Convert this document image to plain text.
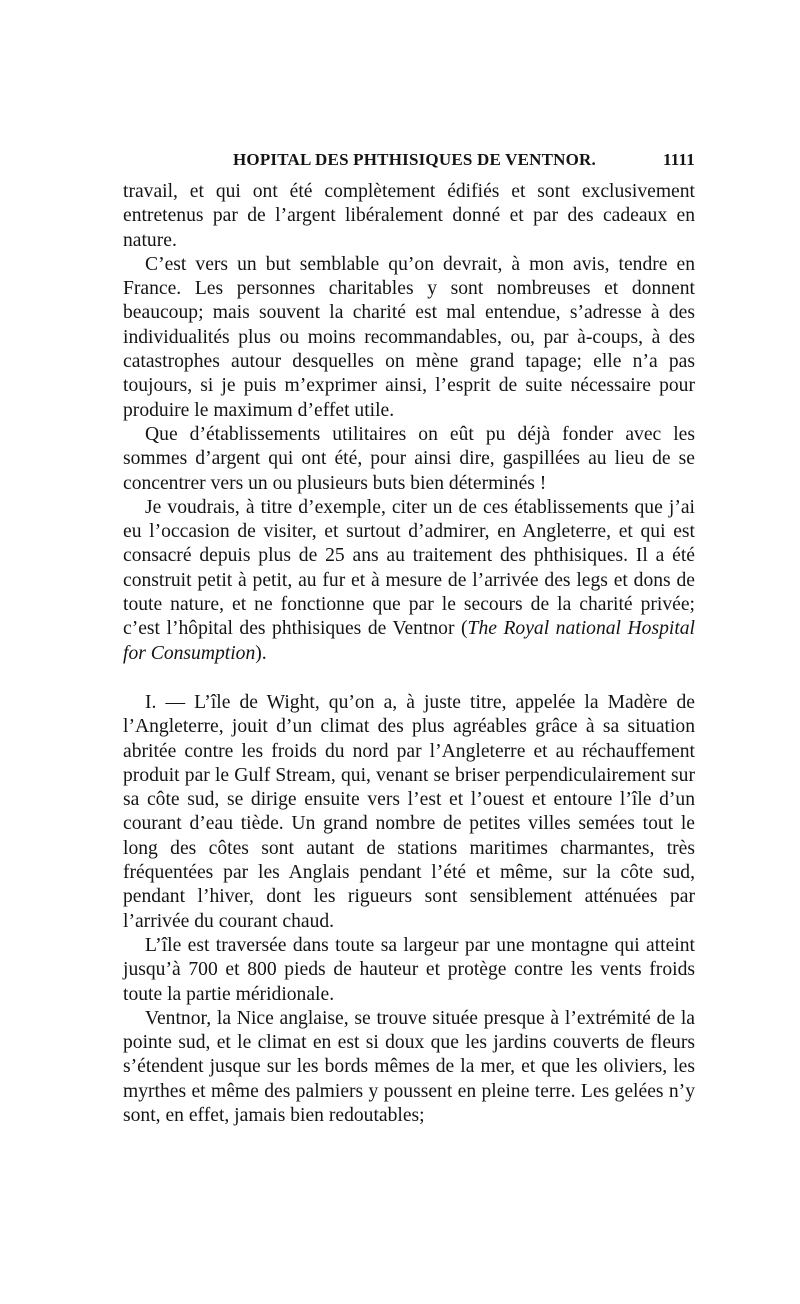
HOPITAL DES PHTHISIQUES DE VENTNOR.	1111

travail, et qui ont été complètement édifiés et sont exclusivement entretenus par de l’argent libéralement donné et par des cadeaux en nature.

C’est vers un but semblable qu’on devrait, à mon avis, tendre en France. Les personnes charitables y sont nombreuses et donnent beaucoup; mais souvent la charité est mal entendue, s’adresse à des individualités plus ou moins recommandables, ou, par à-coups, à des catastrophes autour desquelles on mène grand tapage; elle n’a pas toujours, si je puis m’exprimer ainsi, l’esprit de suite nécessaire pour produire le maximum d’effet utile.

Que d’établissements utilitaires on eût pu déjà fonder avec les sommes d’argent qui ont été, pour ainsi dire, gaspillées au lieu de se concentrer vers un ou plusieurs buts bien déterminés !

Je voudrais, à titre d’exemple, citer un de ces établissements que j’ai eu l’occasion de visiter, et surtout d’admirer, en Angleterre, et qui est consacré depuis plus de 25 ans au traitement des phthisiques. Il a été construit petit à petit, au fur et à mesure de l’arrivée des legs et dons de toute nature, et ne fonctionne que par le secours de la charité privée; c’est l’hôpital des phthisiques de Ventnor (The Royal national Hospital for Consumption).

I. — L’île de Wight, qu’on a, à juste titre, appelée la Madère de l’Angleterre, jouit d’un climat des plus agréables grâce à sa situation abritée contre les froids du nord par l’Angleterre et au réchauffement produit par le Gulf Stream, qui, venant se briser perpendiculairement sur sa côte sud, se dirige ensuite vers l’est et l’ouest et entoure l’île d’un courant d’eau tiède. Un grand nombre de petites villes semées tout le long des côtes sont autant de stations maritimes charmantes, très fréquentées par les Anglais pendant l’été et même, sur la côte sud, pendant l’hiver, dont les rigueurs sont sensiblement atténuées par l’arrivée du courant chaud.

L’île est traversée dans toute sa largeur par une montagne qui atteint jusqu’à 700 et 800 pieds de hauteur et protège contre les vents froids toute la partie méridionale.

Ventnor, la Nice anglaise, se trouve située presque à l’extrémité de la pointe sud, et le climat en est si doux que les jardins couverts de fleurs s’étendent jusque sur les bords mêmes de la mer, et que les oliviers, les myrthes et même des palmiers y poussent en pleine terre. Les gelées n’y sont, en effet, jamais bien redoutables;
